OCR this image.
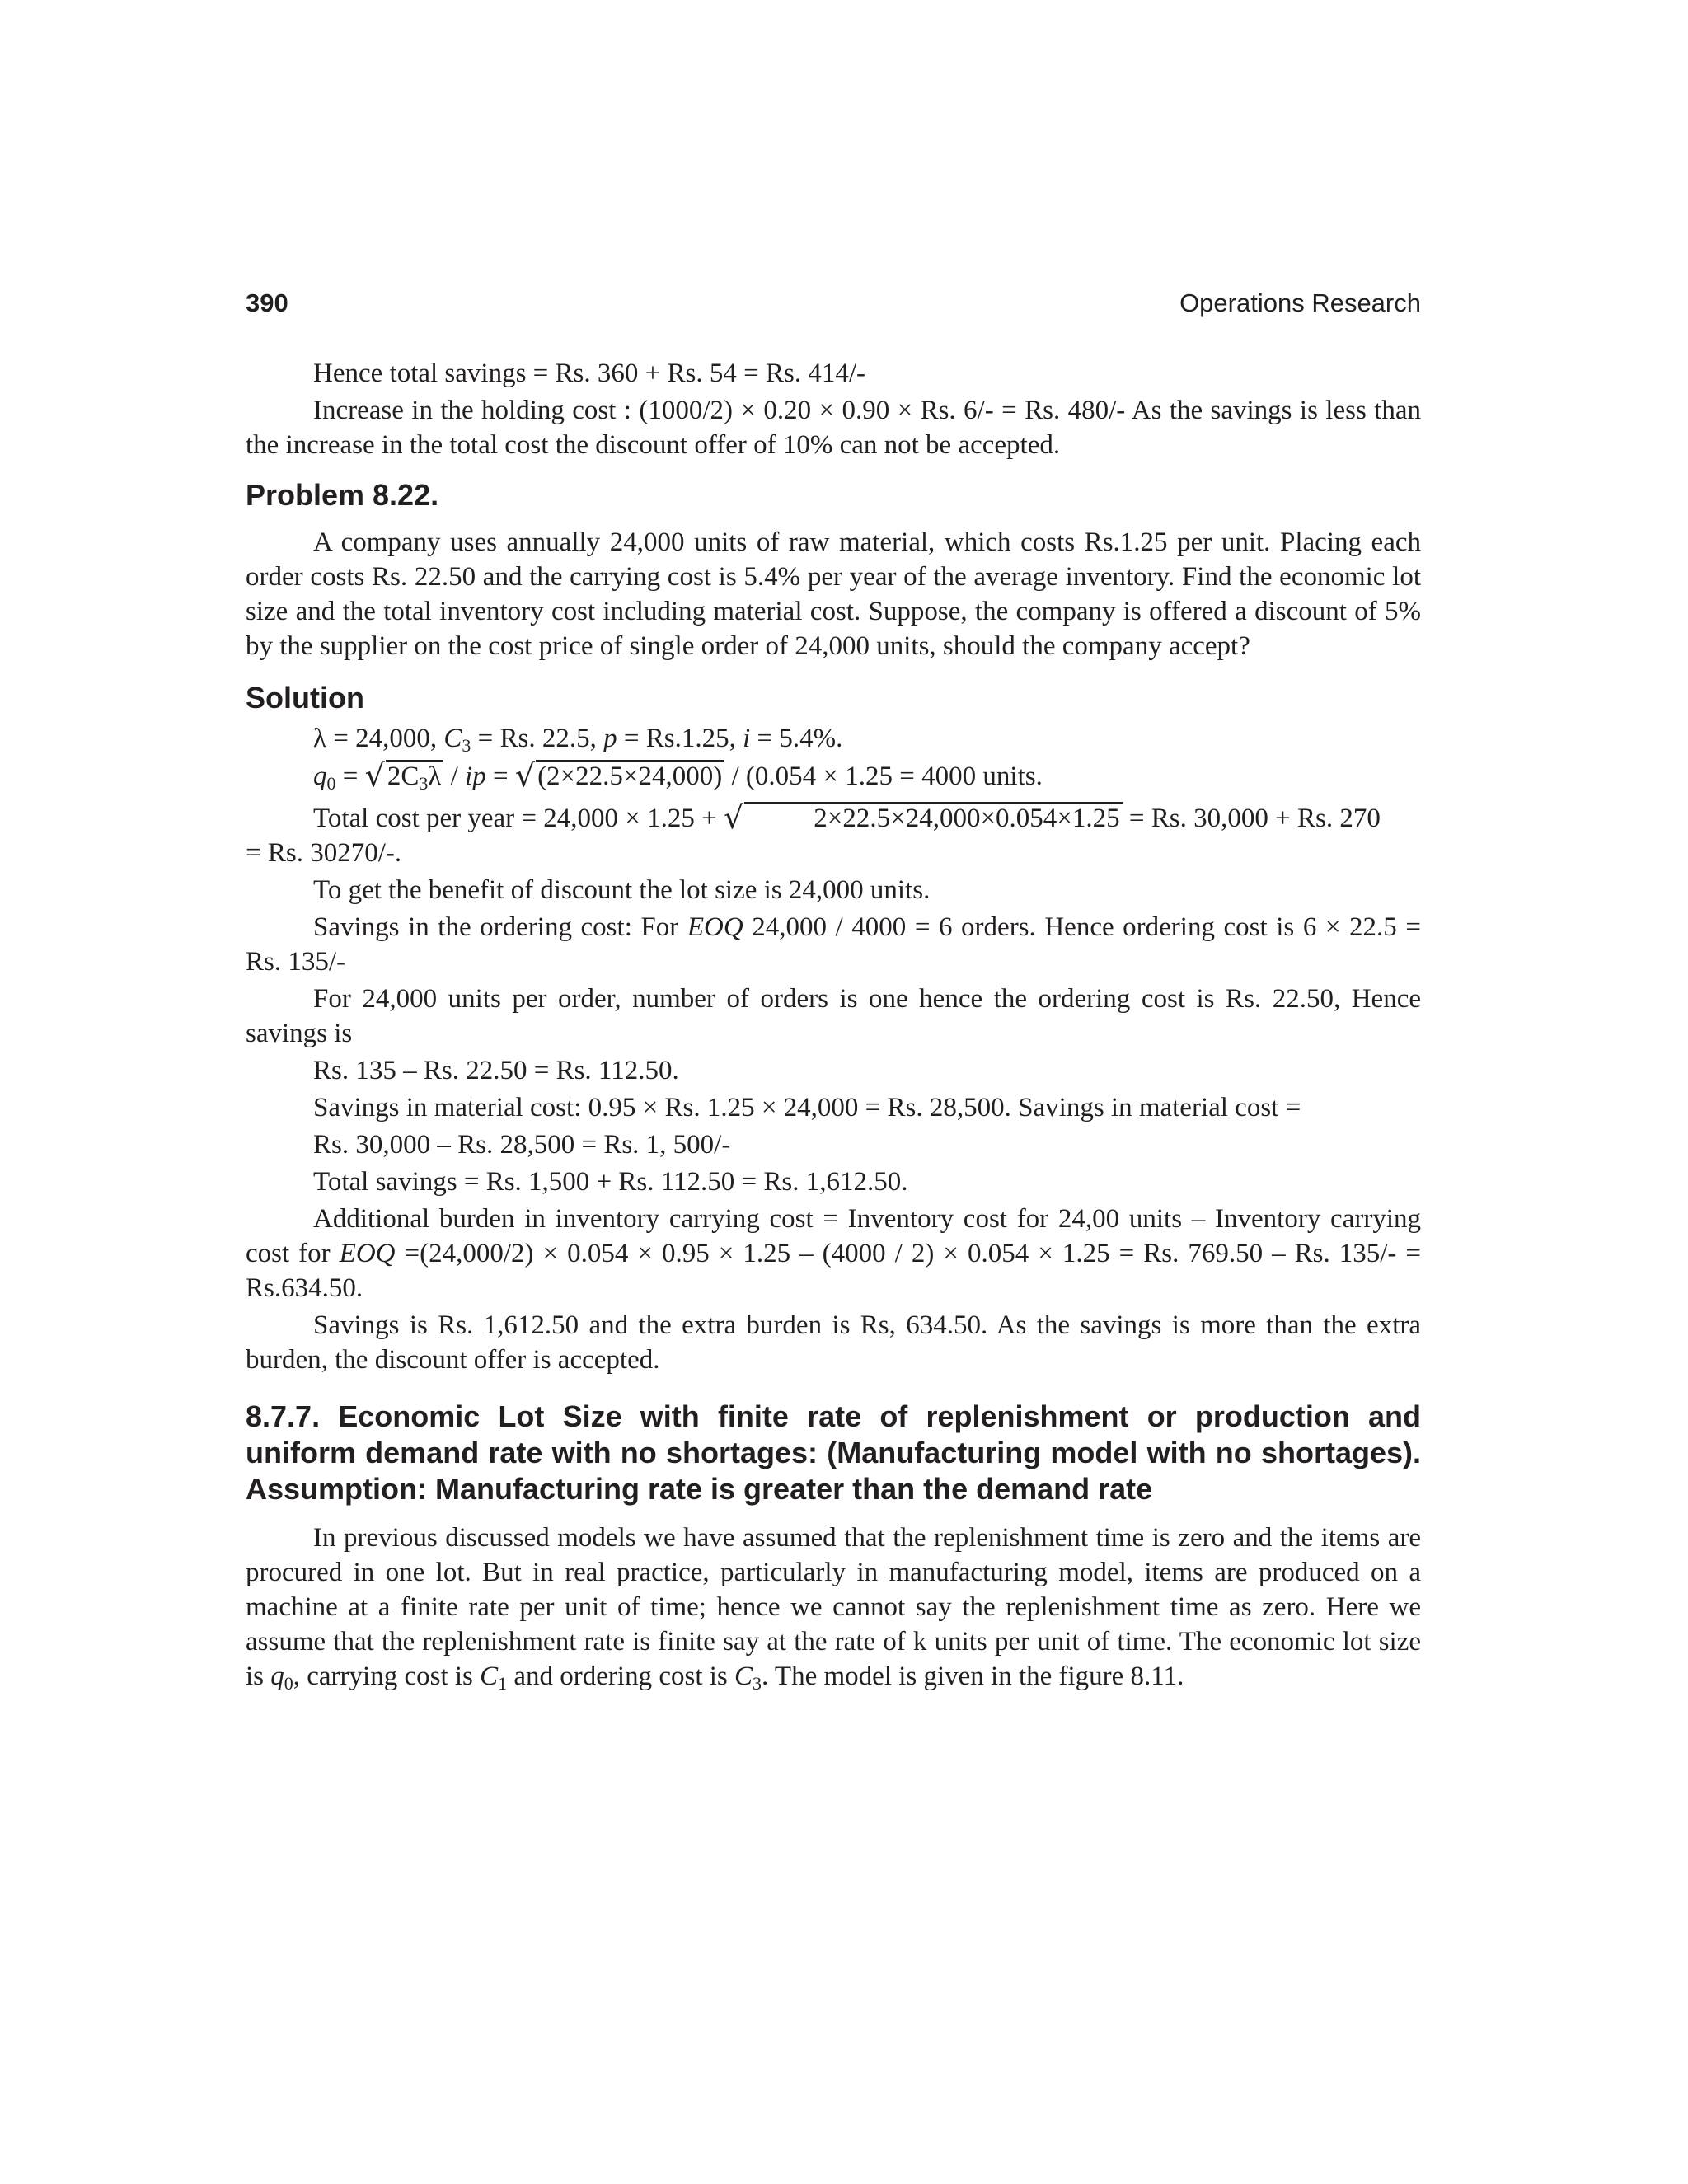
390	Operations Research

Hence total savings = Rs. 360 + Rs. 54 = Rs. 414/-

Increase in the holding cost : (1000/2) × 0.20 × 0.90 × Rs. 6/- = Rs. 480/- As the savings is less than the increase in the total cost the discount offer of 10% can not be accepted.

Problem 8.22.

A company uses annually 24,000 units of raw material, which costs Rs.1.25 per unit. Placing each order costs Rs. 22.50 and the carrying cost is 5.4% per year of the average inventory. Find the economic lot size and the total inventory cost including material cost. Suppose, the company is offered a discount of 5% by the supplier on the cost price of single order of 24,000 units, should the company accept?

Solution

λ = 24,000, $C_3 = Rs$. 22.5, p = Rs.1.25, i = 5.4%.

$q_0 = √2C_3\lambda$ / ip = √(2×22.5×24,000) / (0.054 × 1.25 = 4000 units.

Total cost per year = 24,000 × 1.25 + √	2×22.5×24,000×0.054×1.25 = Rs. 30,000 + Rs. 270
= Rs. 30270/-.

To get the benefit of discount the lot size is 24,000 units.

Savings in the ordering cost: For EOQ 24,000 / 4000 = 6 orders. Hence ordering cost is 6 × 22.5 = Rs. 135/-

For 24,000 units per order, number of orders is one hence the ordering cost is Rs. 22.50, Hence savings is

Rs. 135 – Rs. 22.50 = Rs. 112.50.

Savings in material cost: 0.95 × Rs. 1.25 × 24,000 = Rs. 28,500. Savings in material cost =

Rs. 30,000 – Rs. 28,500 = Rs. 1, 500/-

Total savings = Rs. 1,500 + Rs. 112.50 = Rs. 1,612.50.

Additional burden in inventory carrying cost = Inventory cost for 24,00 units – Inventory carrying cost for EOQ =(24,000/2) × 0.054 × 0.95 × 1.25 – (4000 / 2) × 0.054 × 1.25 = Rs. 769.50 – Rs. 135/- = Rs.634.50.

Savings is Rs. 1,612.50 and the extra burden is Rs, 634.50. As the savings is more than the extra burden, the discount offer is accepted.

8.7.7. Economic Lot Size with finite rate of replenishment or production and uniform demand rate with no shortages: (Manufacturing model with no shortages). Assumption: Manufacturing rate is greater than the demand rate

In previous discussed models we have assumed that the replenishment time is zero and the items are procured in one lot. But in real practice, particularly in manufacturing model, items are produced on a machine at a finite rate per unit of time; hence we cannot say the replenishment time as zero. Here we assume that the replenishment rate is finite say at the rate of k units per unit of time. The economic lot size is $q_0$, carrying cost is $C_1$ and ordering cost is $C_3$. The model is given in the figure 8.11.
